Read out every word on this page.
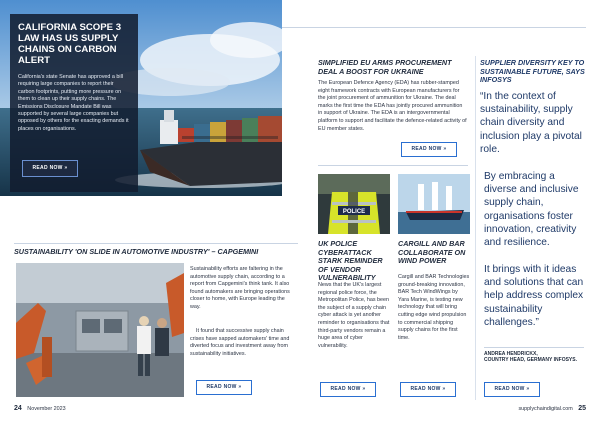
CALIFORNIA SCOPE 3 LAW HAS US SUPPLY CHAINS ON CARBON ALERT
California's state Senate has approved a bill requiring large companies to report their carbon footprints, putting more pressure on them to clean up their supply chains. The Emissions Disclosure Mandate Bill was supported by several large companies but opposed by others for the exacting demands it places on organisations.
READ NOW »
SIMPLIFIED EU ARMS PROCUREMENT DEAL A BOOST FOR UKRAINE
The European Defence Agency (EDA) has rubber-stamped eight framework contracts with European manufacturers for the joint procurement of ammunition for Ukraine. The deal marks the first time the EDA has jointly procured ammunition in support of Ukraine. The EDA is an intergovernmental platform to support and facilitate the defence-related activity of EU member states.
READ NOW »
POLICE
UK POLICE CYBERATTACK STARK REMINDER OF VENDOR VULNERABILITY
News that the UK's largest regional police force, the Metropolitan Police, has been the subject of a supply chain cyber attack is yet another reminder to organisations that third-party vendors remain a huge area of cyber vulnerability.
READ NOW »
CARGILL AND BAR COLLABORATE ON WIND POWER
Cargill and BAR Technologies ground-breaking innovation, BAR Tech WindWings by Yara Marine, is testing new technology that will bring cutting edge wind propulsion to commercial shipping supply chains for the first time.
READ NOW »
SUPPLIER DIVERSITY KEY TO SUSTAINABLE FUTURE, SAYS INFOSYS
“In the context of sustainability, supply chain diversity and inclusion play a pivotal role.
By embracing a diverse and inclusive supply chain, organisations foster innovation, creativity and resilience.
It brings with it ideas and solutions that can help address complex sustainability challenges.”
ANDREA HENDRICKX,
COUNTRY HEAD, GERMANY INFOSYS.
READ NOW »
SUSTAINABILITY 'ON SLIDE IN AUTOMOTIVE INDUSTRY' – CAPGEMINI
Sustainability efforts are faltering in the automotive supply chain, according to a report from Capgemini's think tank. It also found automakers are bringing operations closer to home, with Europe leading the way.
It found that successive supply chain crises have sapped automakers' time and diverted focus and investment away from sustainability initiatives.
READ NOW »
24 November 2023	supplychaindigital.com 25
